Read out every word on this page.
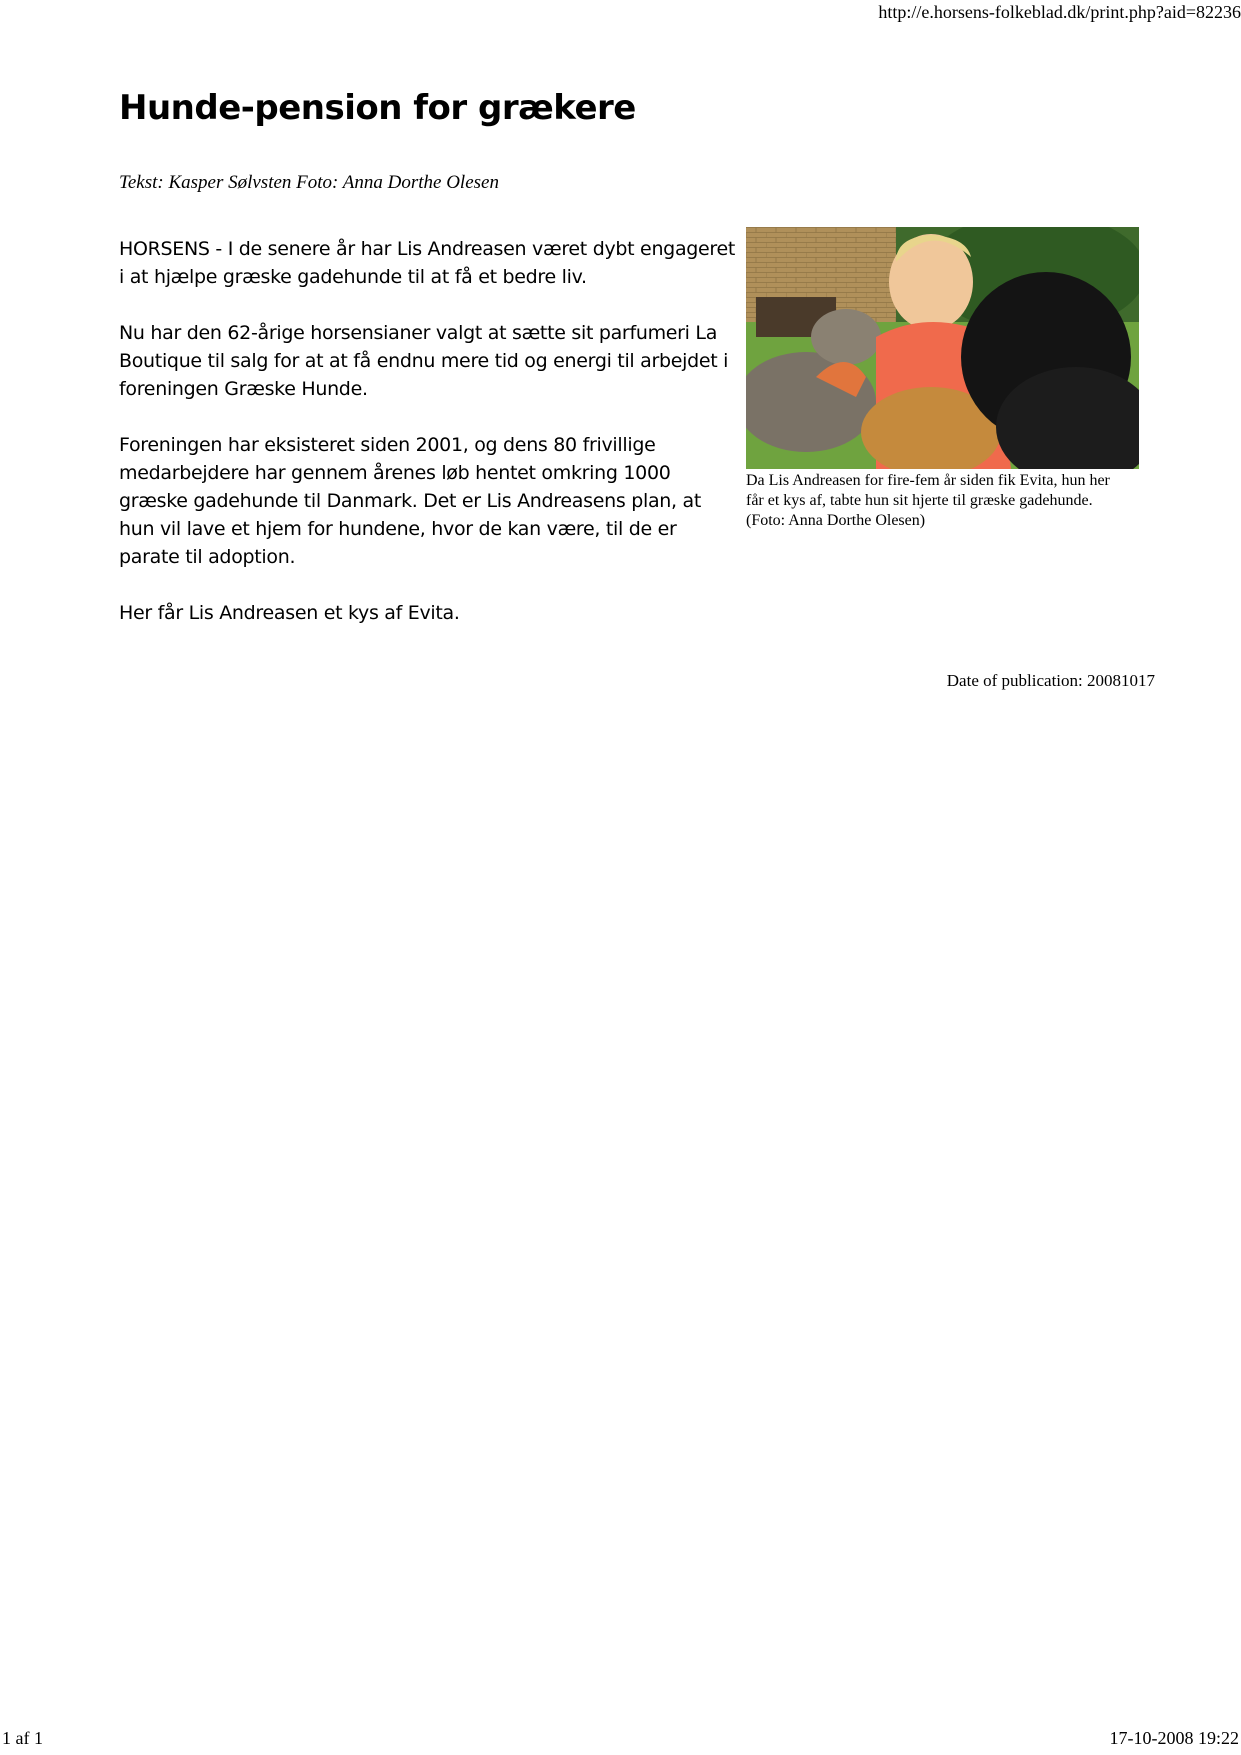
http://e.horsens-folkeblad.dk/print.php?aid=82236
Hunde-pension for grækere
Tekst: Kasper Sølvsten Foto: Anna Dorthe Olesen

HORSENS - I de senere år har Lis Andreasen været dybt engageret i at hjælpe græske gadehunde til at få et bedre liv.

Nu har den 62-årige horsensianer valgt at sætte sit parfumeri La Boutique til salg for at at få endnu mere tid og energi til arbejdet i foreningen Græske Hunde.

Foreningen har eksisteret siden 2001, og dens 80 frivillige medarbejdere har gennem årenes løb hentet omkring 1000 græske gadehunde til Danmark. Det er Lis Andreasens plan, at hun vil lave et hjem for hundene, hvor de kan være, til de er parate til adoption.

Her får Lis Andreasen et kys af Evita.

Da Lis Andreasen for fire-fem år siden fik Evita, hun her får et kys af, tabte hun sit hjerte til græske gadehunde. (Foto: Anna Dorthe Olesen)
Date of publication: 20081017
1 af 1	17-10-2008 19:22
